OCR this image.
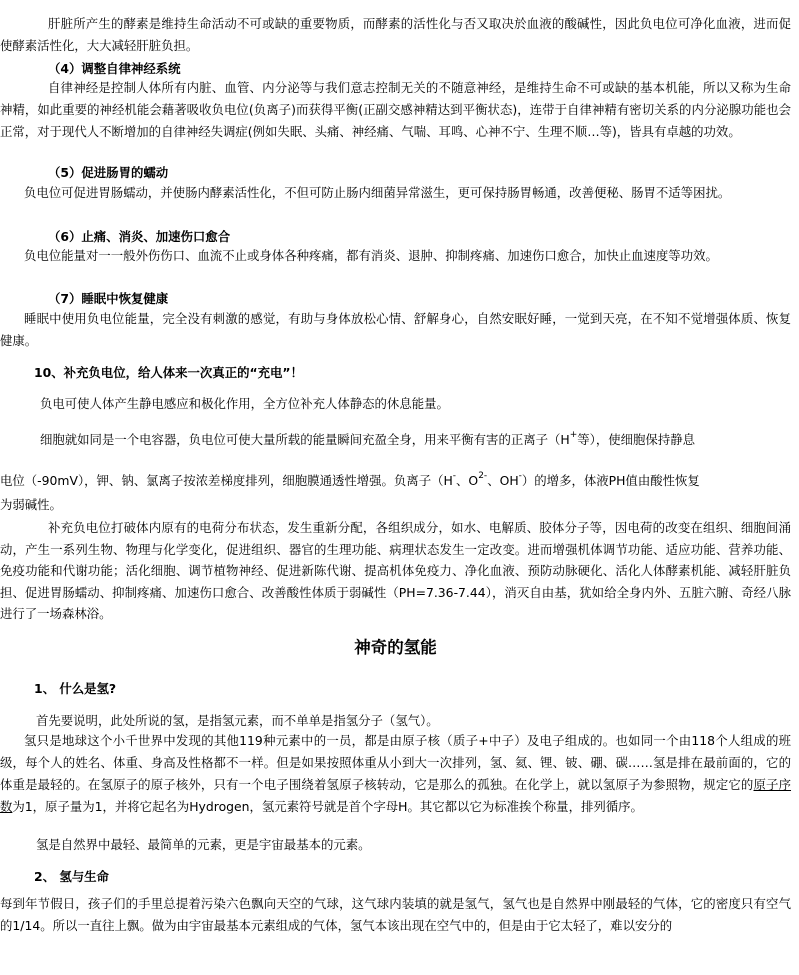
肝脏所产生的酵素是维持生命活动不可或缺的重要物质，而酵素的活性化与否又取决於血液的酸碱性，因此负电位可净化血液，进而促使酵素活性化，大大减轻肝脏负担。
（4）调整自律神经系统
自律神经是控制人体所有内脏、血管、内分泌等与我们意志控制无关的不随意神经，是维持生命不可或缺的基本机能，所以又称为生命神精，如此重要的神经机能会藉著吸收负电位(负离子)而获得平衡(正副交感神精达到平衡状态)，连带于自律神精有密切关系的内分泌腺功能也会正常，对于现代人不断增加的自律神经失调症(例如失眠、头痛、神经痛、气喘、耳鸣、心神不宁、生理不顺…等)，皆具有卓越的功效。
（5）促进肠胃的蠕动
负电位可促进胃肠蠕动，并使肠内酵素活性化，不但可防止肠内细菌异常滋生，更可保持肠胃畅通，改善便秘、肠胃不适等困扰。
（6）止痛、消炎、加速伤口愈合
负电位能量对一一般外伤伤口、血流不止或身体各种疼痛，都有消炎、退肿、抑制疼痛、加速伤口愈合，加快止血速度等功效。
（7）睡眠中恢复健康
睡眠中使用负电位能量，完全没有刺激的感觉，有助与身体放松心情、舒解身心，自然安眠好睡，一觉到天亮，在不知不觉增强体质、恢复健康。
10、补充负电位，给人体来一次真正的“充电”！
负电可使人体产生静电感应和极化作用，全方位补充人体静态的休息能量。
细胞就如同是一个电容器，负电位可使大量所载的能量瞬间充盈全身，用来平衡有害的正离子（H+等），使细胞保持静息
电位（-90mV），钾、钠、氯离子按浓差梯度排列，细胞膜通透性增强。负离子（H-、$O^{2-}$、OH-）的增多，体液PH值由酸性恢复
为弱碱性。
补充负电位打破体内原有的电荷分布状态，发生重新分配，各组织成分，如水、电解质、胶体分子等，因电荷的改变在组织、细胞间涌动，产生一系列生物、物理与化学变化，促进组织、器官的生理功能、病理状态发生一定改变。进而增强机体调节功能、适应功能、营养功能、免疫功能和代谢功能；活化细胞、调节植物神经、促进新陈代谢、提高机体免疫力、净化血液、预防动脉硬化、活化人体酵素机能、减轻肝脏负担、促进胃肠蠕动、抑制疼痛、加速伤口愈合、改善酸性体质于弱碱性（PH=7.36-7.44），消灭自由基，犹如给全身内外、五脏六腑、奇经八脉进行了一场森林浴。
神奇的氢能
1、 什么是氢?
首先要说明，此处所说的氢，是指氢元素，而不单单是指氢分子（氢气）。
氢只是地球这个小千世界中发现的其他119种元素中的一员，都是由原子核（质子+中子）及电子组成的。也如同一个由118个人组成的班级，每个人的姓名、体重、身高及性格都不一样。但是如果按照体重从小到大一次排列，氢、氦、锂、铍、硼、碳……氢是排在最前面的，它的体重是最轻的。在氢原子的原子核外，只有一个电子围绕着氢原子核转动，它是那么的孤独。在化学上，就以氢原子为参照物，规定它的原子序数为1，原子量为1，并将它起名为Hydrogen，氢元素符号就是首个字母H。其它都以它为标准挨个称量，排列循序。
氢是自然界中最轻、最简单的元素，更是宇宙最基本的元素。
2、 氢与生命
每到年节假日，孩子们的手里总提着污染六色飘向天空的气球，这气球内装填的就是氢气，氢气也是自然界中刚最轻的气体，它的密度只有空气的1/14。所以一直往上飘。做为由宇宙最基本元素组成的气体，氢气本该出现在空气中的，但是由于它太轻了，难以安分的
